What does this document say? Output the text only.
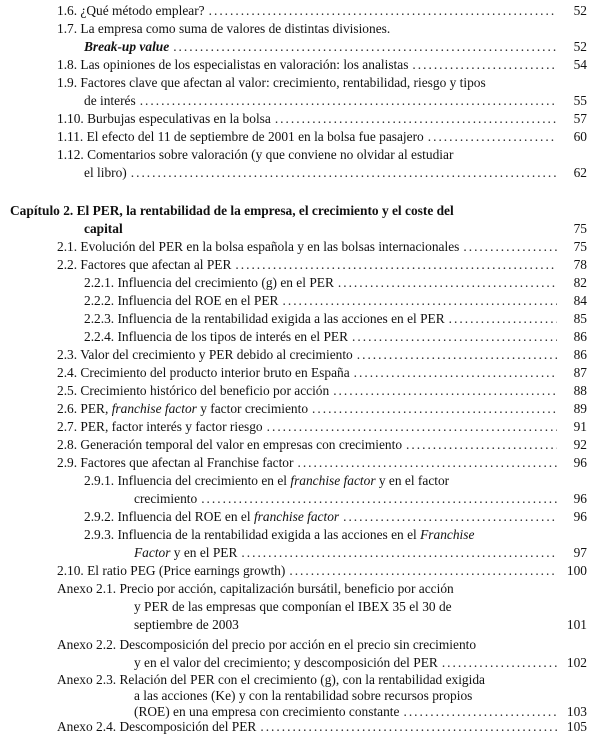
1.6. ¿Qué método emplear? .....	52
1.7. La empresa como suma de valores de distintas divisiones.
Break-up value .....	52
1.8. Las opiniones de los especialistas en valoración: los analistas .....	54
1.9. Factores clave que afectan al valor: crecimiento, rentabilidad, riesgo y tipos
de interés .....	55
1.10. Burbujas especulativas en la bolsa .....	57
1.11. El efecto del 11 de septiembre de 2001 en la bolsa fue pasajero .....	60
1.12. Comentarios sobre valoración (y que conviene no olvidar al estudiar
el libro) .....	62
Capítulo 2. El PER, la rentabilidad de la empresa, el crecimiento y el coste del
capital	75
2.1. Evolución del PER en la bolsa española y en las bolsas internacionales .....	75
2.2. Factores que afectan al PER .....	78
2.2.1. Influencia del crecimiento (g) en el PER .....	82
2.2.2. Influencia del ROE en el PER .....	84
2.2.3. Influencia de la rentabilidad exigida a las acciones en el PER .....	85
2.2.4. Influencia de los tipos de interés en el PER .....	86
2.3. Valor del crecimiento y PER debido al crecimiento .....	86
2.4. Crecimiento del producto interior bruto en España .....	87
2.5. Crecimiento histórico del beneficio por acción .....	88
2.6. PER, franchise factor y factor crecimiento .....	89
2.7. PER, factor interés y factor riesgo .....	91
2.8. Generación temporal del valor en empresas con crecimiento .....	92
2.9. Factores que afectan al Franchise factor .....	96
2.9.1. Influencia del crecimiento en el franchise factor y en el factor
crecimiento .....	96
2.9.2. Influencia del ROE en el franchise factor .....	96
2.9.3. Influencia de la rentabilidad exigida a las acciones en el Franchise
Factor y en el PER .....	97
2.10. El ratio PEG (Price earnings growth) .....	100
Anexo 2.1. Precio por acción, capitalización bursátil, beneficio por acción
y PER de las empresas que componían el IBEX 35 el 30 de
septiembre de 2003	101
Anexo 2.2. Descomposición del precio por acción en el precio sin crecimiento
y en el valor del crecimiento; y descomposición del PER .....	102
Anexo 2.3. Relación del PER con el crecimiento (g), con la rentabilidad exigida
a las acciones (Ke) y con la rentabilidad sobre recursos propios
(ROE) en una empresa con crecimiento constante .....	103
Anexo 2.4. Descomposición del PER .....	105
